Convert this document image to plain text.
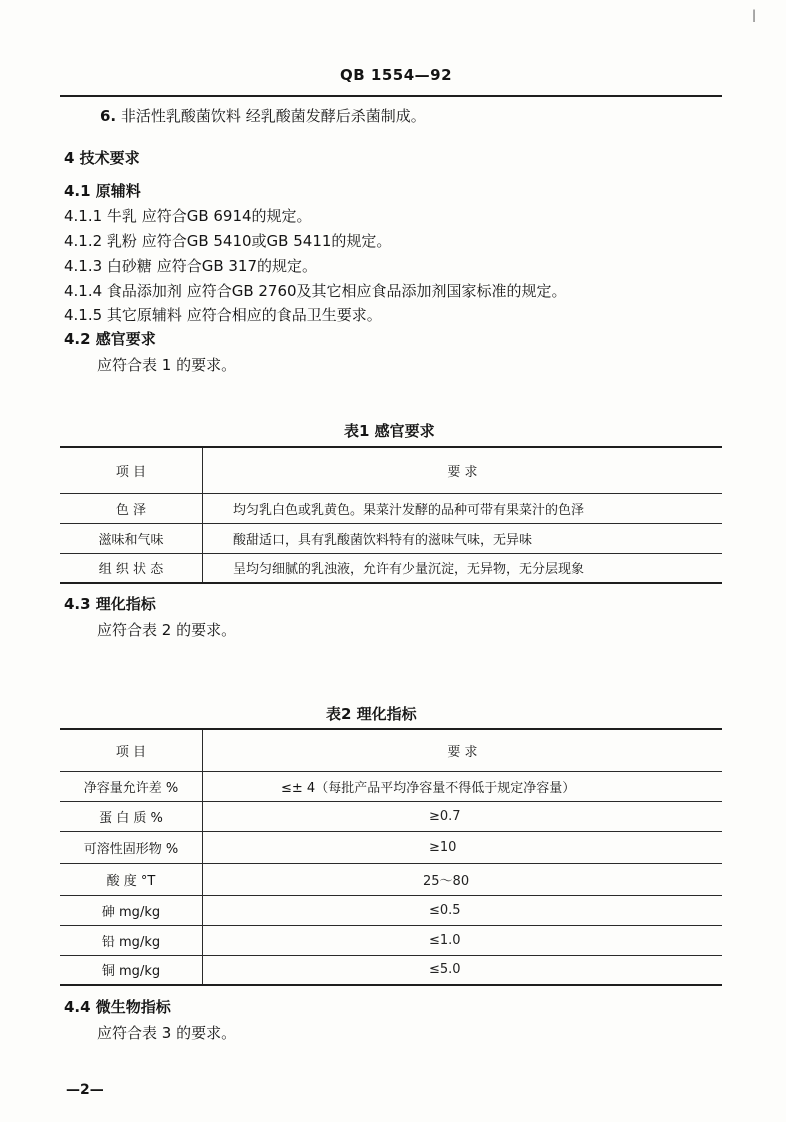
|
QB 1554—92
6. 非活性乳酸菌饮料 经乳酸菌发酵后杀菌制成。
4 技术要求
4.1 原辅料
4.1.1 牛乳 应符合GB 6914的规定。
4.1.2 乳粉 应符合GB 5410或GB 5411的规定。
4.1.3 白砂糖 应符合GB 317的规定。
4.1.4 食品添加剂 应符合GB 2760及其它相应食品添加剂国家标准的规定。
4.1.5 其它原辅料 应符合相应的食品卫生要求。
4.2 感官要求
应符合表 1 的要求。
表1 感官要求
项 目	要 求
色 泽	均匀乳白色或乳黄色。果菜汁发酵的品种可带有果菜汁的色泽
滋味和气味	酸甜适口，具有乳酸菌饮料特有的滋味气味，无异味
组 织 状 态	呈均匀细腻的乳浊液，允许有少量沉淀，无异物，无分层现象
4.3 理化指标
应符合表 2 的要求。
表2 理化指标
项 目	要 求
净容量允许差 %	≤± 4（每批产品平均净容量不得低于规定净容量）
蛋 白 质 %	≥0.7
可溶性固形物 %	≥10
酸 度 °T	25～80
砷 mg/kg	≤0.5
铅 mg/kg	≤1.0
铜 mg/kg	≤5.0
4.4 微生物指标
应符合表 3 的要求。
—2—
